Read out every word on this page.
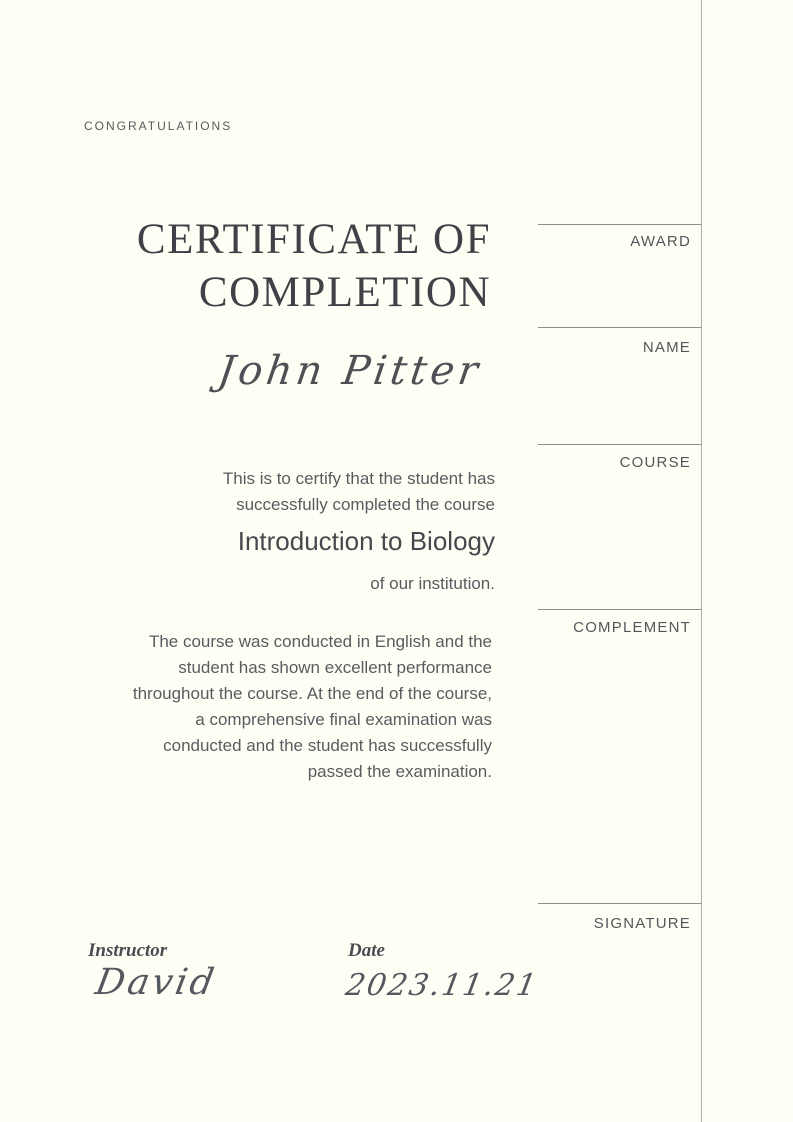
CONGRATULATIONS
CERTIFICATE OF
COMPLETION
John Pitter
This is to certify that the student has
successfully completed the course
Introduction to Biology
of our institution.
The course was conducted in English and the
student has shown excellent performance
throughout the course. At the end of the course,
a comprehensive final examination was
conducted and the student has successfully
passed the examination.
AWARD
NAME
COURSE
COMPLEMENT
SIGNATURE
Instructor
David
Date
2023.11.21
